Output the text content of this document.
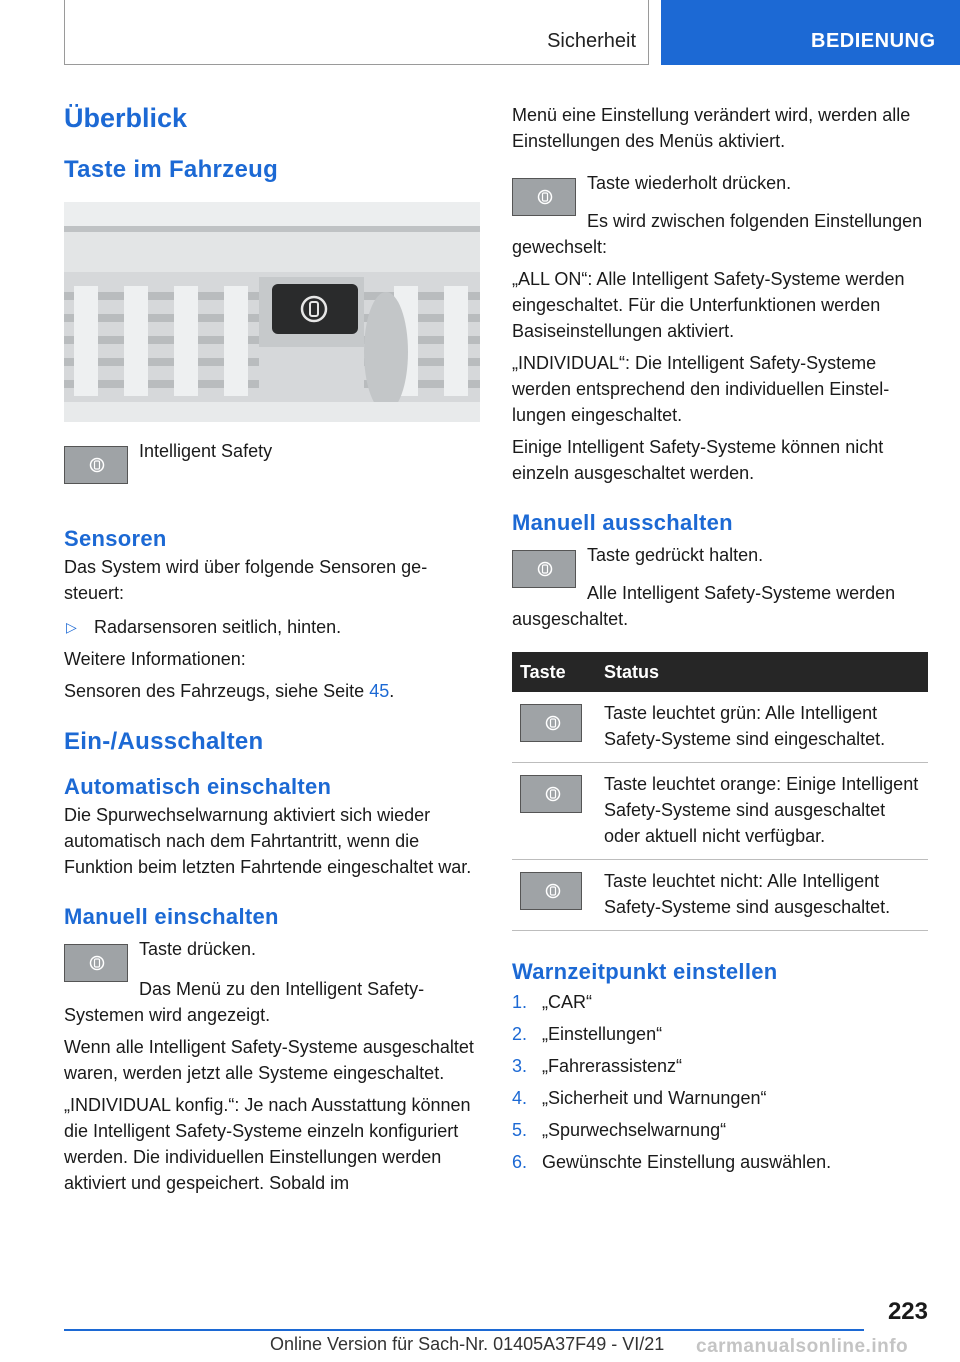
Sicherheit	BEDIENUNG
Überblick
Taste im Fahrzeug

Intelligent Safety

Sensoren

Das System wird über folgende Sensoren gesteuert:

▷ Radarsensoren seitlich, hinten.

Weitere Informationen:

Sensoren des Fahrzeugs, siehe Seite 45.

Ein-/Ausschalten
Automatisch einschalten

Die Spurwechselwarnung aktiviert sich wieder automatisch nach dem Fahrtantritt, wenn die Funktion beim letzten Fahrtende eingeschaltet war.

Manuell einschalten

Taste drücken.

Das Menü zu den Intelligent Safety-Systemen wird angezeigt.

Wenn alle Intelligent Safety-Systeme ausgeschaltet waren, werden jetzt alle Systeme eingeschaltet.

„INDIVIDUAL konfig.“: Je nach Ausstattung können die Intelligent Safety-Systeme einzeln konfiguriert werden. Die individuellen Einstellungen werden aktiviert und gespeichert. Sobald im

Menü eine Einstellung verändert wird, werden alle Einstellungen des Menüs aktiviert.

Taste wiederholt drücken.

Es wird zwischen folgenden Einstellungen gewechselt:

„ALL ON“: Alle Intelligent Safety-Systeme werden eingeschaltet. Für die Unterfunktionen werden Basiseinstellungen aktiviert.

„INDIVIDUAL“: Die Intelligent Safety-Systeme werden entsprechend den individuellen Einstellungen eingeschaltet.

Einige Intelligent Safety-Systeme können nicht einzeln ausgeschaltet werden.

Manuell ausschalten

Taste gedrückt halten.

Alle Intelligent Safety-Systeme werden ausgeschaltet.

Taste	Status

	Taste leuchtet grün: Alle Intelligent Safety-Systeme sind eingeschaltet.

	Taste leuchtet orange: Einige Intelligent Safety-Systeme sind ausgeschaltet oder aktuell nicht verfügbar.

	Taste leuchtet nicht: Alle Intelligent Safety-Systeme sind ausgeschaltet.
Warnzeitpunkt einstellen
1. „CAR“
2. „Einstellungen“
3. „Fahrerassistenz“
4. „Sicherheit und Warnungen“
5. „Spurwechselwarnung“
6. Gewünschte Einstellung auswählen.
223
Online Version für Sach-Nr. 01405A37F49 - VI/21 carmanualsonline.info
